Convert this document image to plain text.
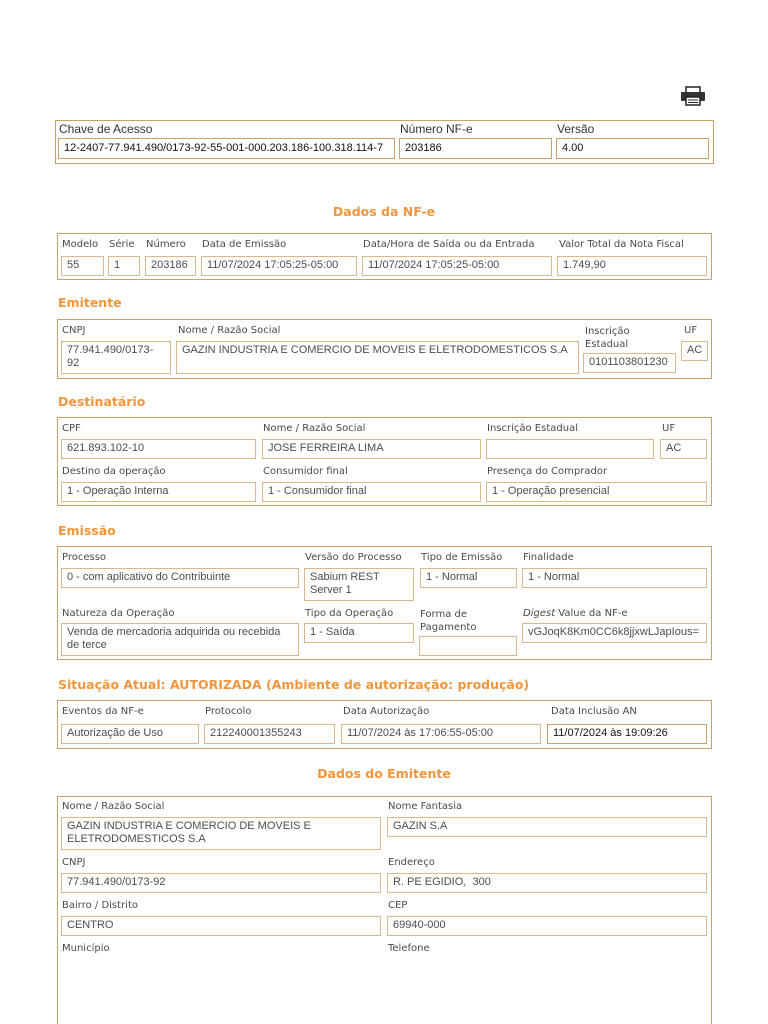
Chave de Acesso
12-2407-77.941.490/0173-92-55-001-000.203.186-100.318.114-7
Número NF-e
203186
Versão
4.00
Dados da NF-e
Modelo
55
Série
1
Número
203186
Data de Emissão
11/07/2024 17:05:25-05:00
Data/Hora de Saída ou da Entrada
11/07/2024 17:05:25-05:00
Valor Total da Nota Fiscal
1.749,90
Emitente
CNPJ
77.941.490/0173-92
Nome / Razão Social
GAZIN INDUSTRIA E COMERCIO DE MOVEIS E ELETRODOMESTICOS S.A
Inscrição Estadual
0101103801230
UF
AC
Destinatário
CPF
621.893.102-10
Nome / Razão Social
JOSE FERREIRA LIMA
Inscrição Estadual	UF
AC
Destino da operação
1 - Operação Interna
Consumidor final
1 - Consumidor final
Presença do Comprador
1 - Operação presencial
Emissão
Processo
0 - com aplicativo do Contribuinte
Versão do Processo
Sabium REST Server 1
Tipo de Emissão
1 - Normal
Finalidade
1 - Normal
Natureza da Operação
Venda de mercadoria adquirida ou recebida de terce
Tipo da Operação
1 - Saída
Forma de Pagamento
Digest Value da NF-e
vGJoqK8Km0CC6k8jjxwLJapIous=
Situação Atual: AUTORIZADA (Ambiente de autorização: produção)
Eventos da NF-e
Autorização de Uso
Protocolo
212240001355243
Data Autorização
11/07/2024 às 17:06:55-05:00
Data Inclusão AN
11/07/2024 às 19:09:26
Dados do Emitente
Nome / Razão Social
GAZIN INDUSTRIA E COMERCIO DE MOVEIS E ELETRODOMESTICOS S.A
Nome Fantasia
GAZIN S.A
CNPJ
77.941.490/0173-92
Endereço
R. PE EGIDIO,  300
Bairro / Distrito
CENTRO
CEP
69940-000
Município	Telefone
